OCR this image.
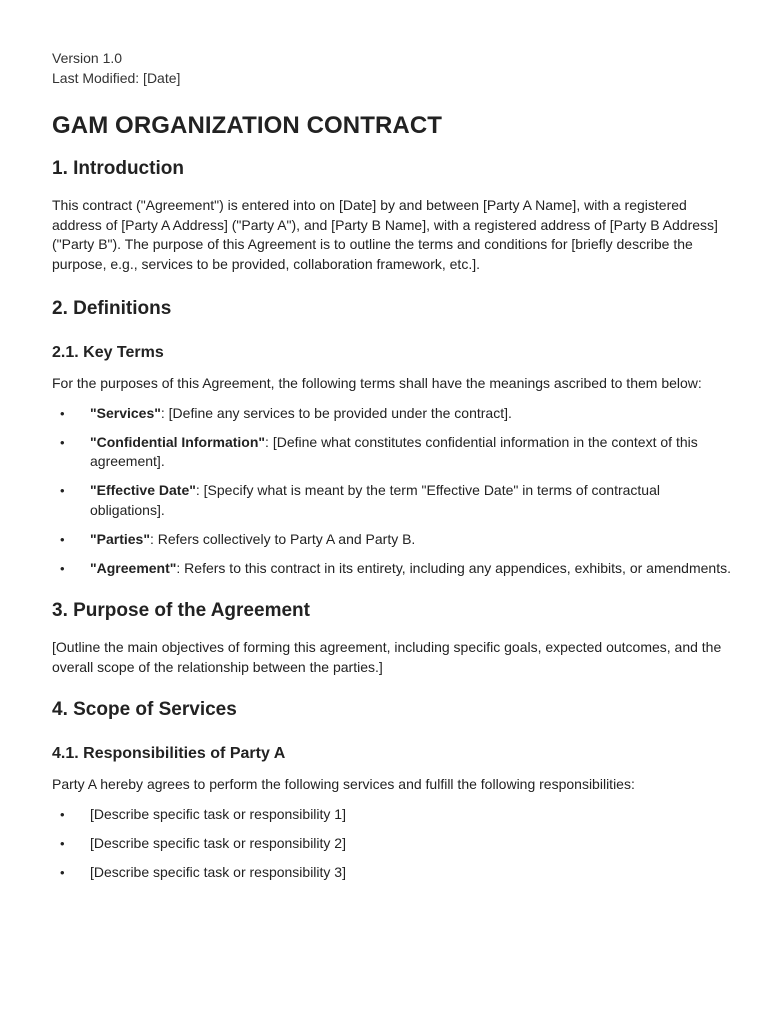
Version 1.0
Last Modified: [Date]
GAM ORGANIZATION CONTRACT
1. Introduction

This contract ("Agreement") is entered into on [Date] by and between [Party A Name], with a registered address of [Party A Address] ("Party A"), and [Party B Name], with a registered address of [Party B Address] ("Party B"). The purpose of this Agreement is to outline the terms and conditions for [briefly describe the purpose, e.g., services to be provided, collaboration framework, etc.].

2. Definitions
2.1. Key Terms

For the purposes of this Agreement, the following terms shall have the meanings ascribed to them below:

• "Services": [Define any services to be provided under the contract].
• "Confidential Information": [Define what constitutes confidential information in the context of this agreement].
• "Effective Date": [Specify what is meant by the term "Effective Date" in terms of contractual obligations].
• "Parties": Refers collectively to Party A and Party B.
• "Agreement": Refers to this contract in its entirety, including any appendices, exhibits, or amendments.
3. Purpose of the Agreement

[Outline the main objectives of forming this agreement, including specific goals, expected outcomes, and the overall scope of the relationship between the parties.]

4. Scope of Services
4.1. Responsibilities of Party A

Party A hereby agrees to perform the following services and fulfill the following responsibilities:

• [Describe specific task or responsibility 1]
• [Describe specific task or responsibility 2]
• [Describe specific task or responsibility 3]
